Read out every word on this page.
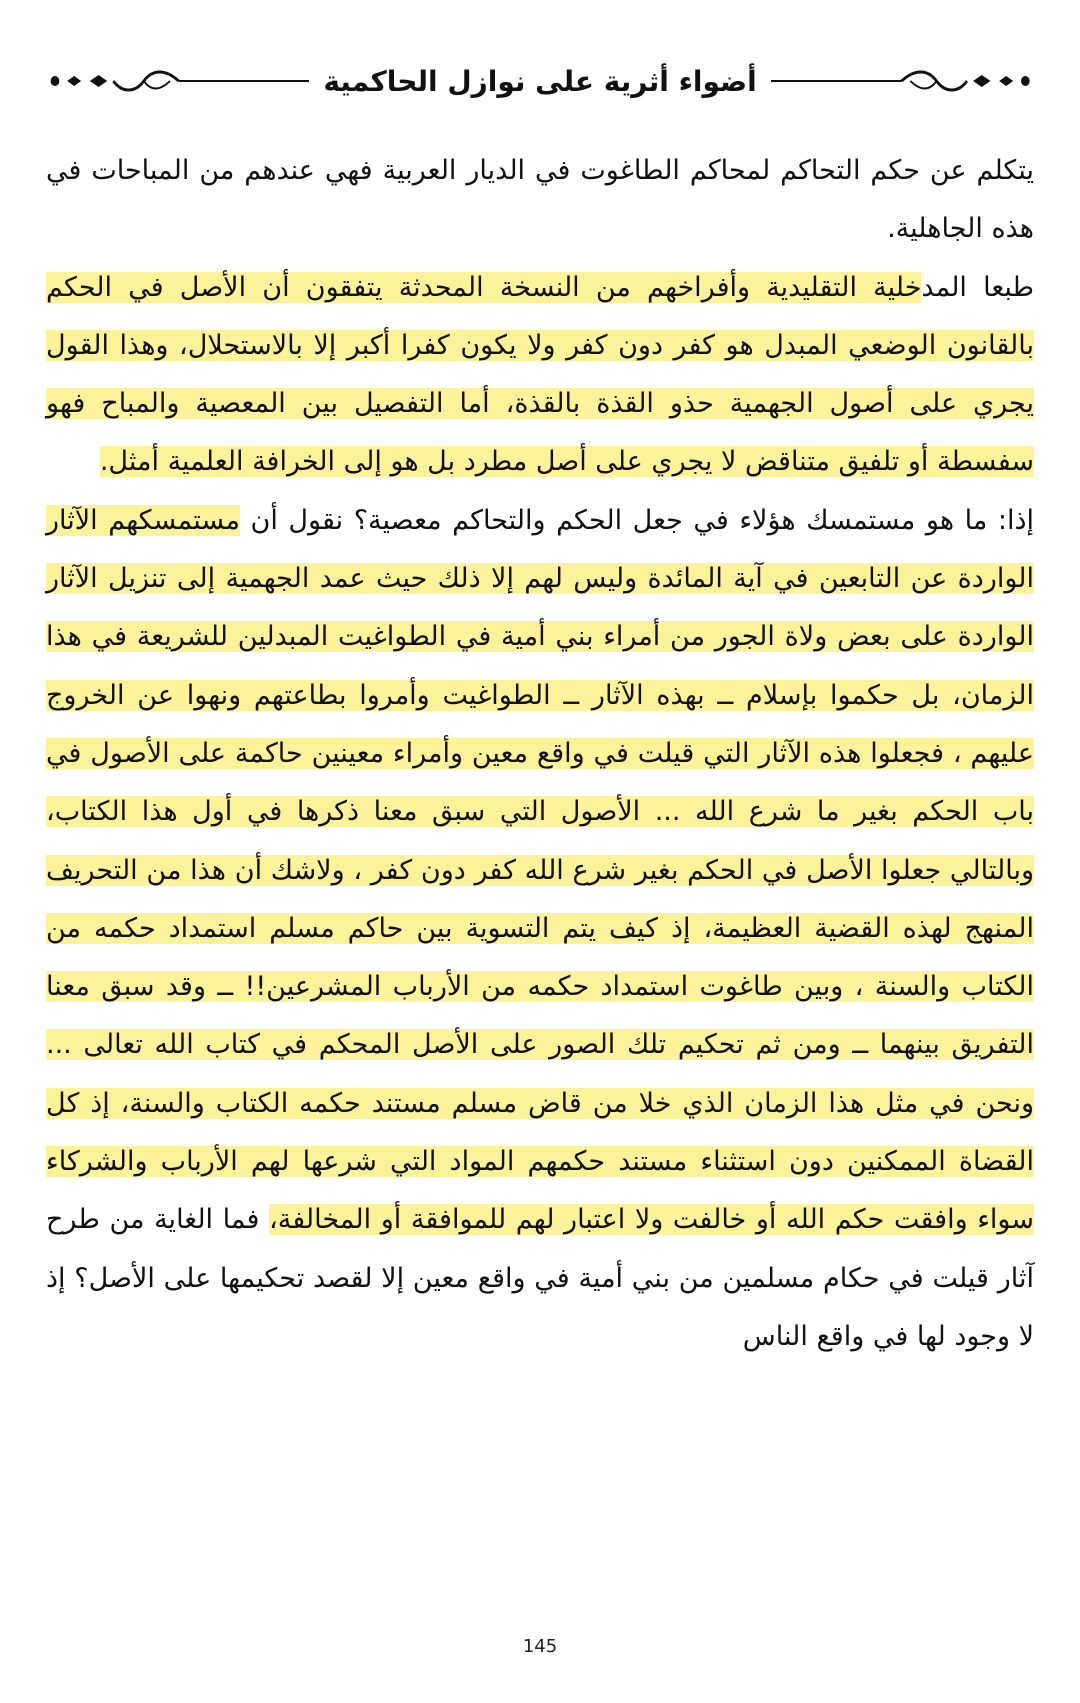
أضواء أثرية على نوازل الحاكمية

يتكلم عن حكم التحاكم لمحاكم الطاغوت في الديار العربية فهي عندهم من المباحات في هذه الجاهلية.

طبعا المدخلية التقليدية وأفراخهم من النسخة المحدثة يتفقون أن الأصل في الحكم بالقانون الوضعي المبدل هو كفر دون كفر ولا يكون كفرا أكبر إلا بالاستحلال، وهذا القول يجري على أصول الجهمية حذو القذة بالقذة، أما التفصيل بين المعصية والمباح فهو سفسطة أو تلفيق متناقض لا يجري على أصل مطرد بل هو إلى الخرافة العلمية أمثل.

إذا: ما هو مستمسك هؤلاء في جعل الحكم والتحاكم معصية؟ نقول أن مستمسكهم الآثار الواردة عن التابعين في آية المائدة وليس لهم إلا ذلك حيث عمد الجهمية إلى تنزيل الآثار الواردة على بعض ولاة الجور من أمراء بني أمية في الطواغيت المبدلين للشريعة في هذا الزمان، بل حكموا بإسلام ــ بهذه الآثار ــ الطواغيت وأمروا بطاعتهم ونهوا عن الخروج عليهم ، فجعلوا هذه الآثار التي قيلت في واقع معين وأمراء معينين حاكمة على الأصول في باب الحكم بغير ما شرع الله ... الأصول التي سبق معنا ذكرها في أول هذا الكتاب، وبالتالي جعلوا الأصل في الحكم بغير شرع الله كفر دون كفر ، ولاشك أن هذا من التحريف المنهج لهذه القضية العظيمة، إذ كيف يتم التسوية بين حاكم مسلم استمداد حكمه من الكتاب والسنة ، وبين طاغوت استمداد حكمه من الأرباب المشرعين!! ــ وقد سبق معنا التفريق بينهما ــ ومن ثم تحكيم تلك الصور على الأصل المحكم في كتاب الله تعالى ... ونحن في مثل هذا الزمان الذي خلا من قاض مسلم مستند حكمه الكتاب والسنة، إذ كل القضاة الممكنين دون استثناء مستند حكمهم المواد التي شرعها لهم الأرباب والشركاء سواء وافقت حكم الله أو خالفت ولا اعتبار لهم للموافقة أو المخالفة، فما الغاية من طرح آثار قيلت في حكام مسلمين من بني أمية في واقع معين إلا لقصد تحكيمها على الأصل؟ إذ لا وجود لها في واقع الناس

145
